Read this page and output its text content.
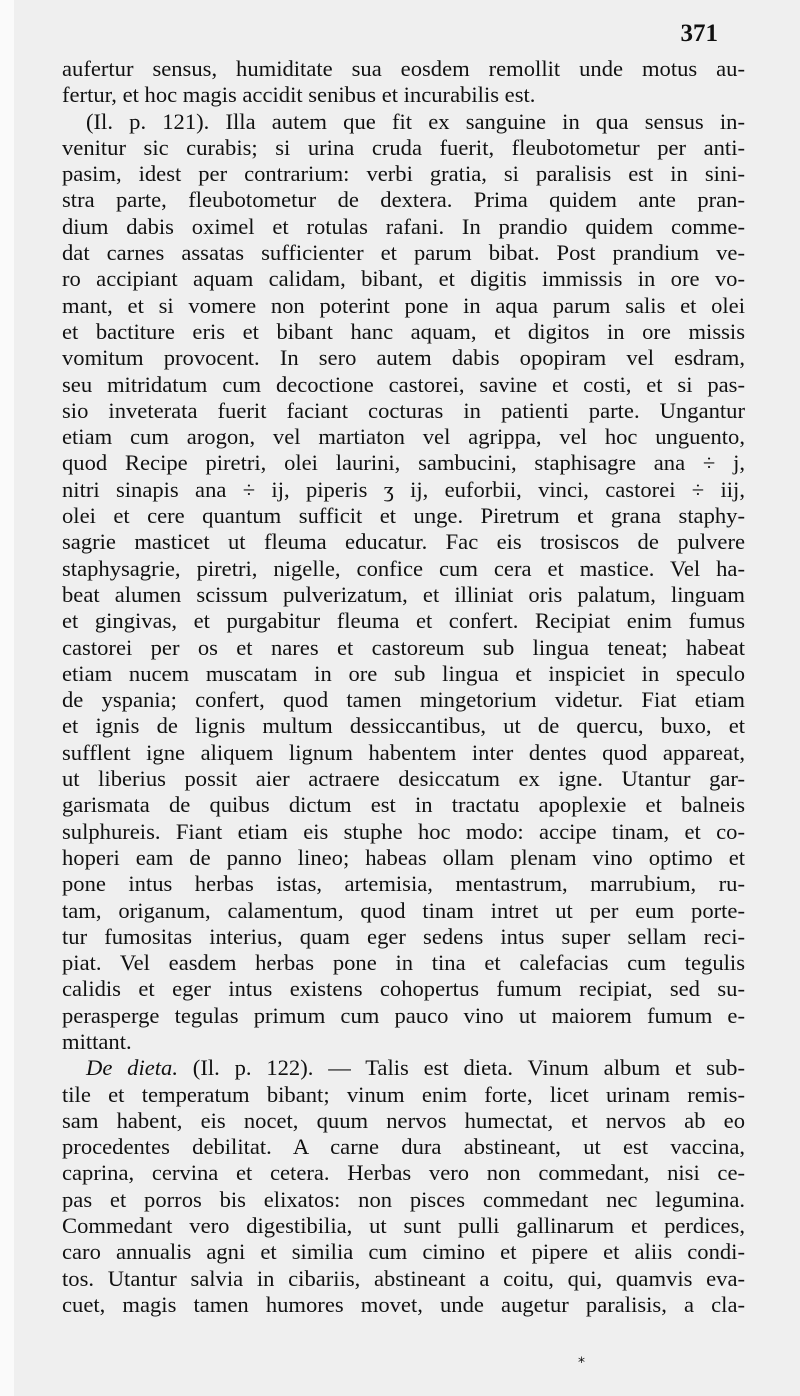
371
aufertur sensus, humiditate sua eosdem remollit unde motus au-
fertur, et hoc magis accidit senibus et incurabilis est.
(Il. p. 121). Illa autem que fit ex sanguine in qua sensus in-
venitur sic curabis; si urina cruda fuerit, fleubotometur per anti-
pasim, idest per contrarium: verbi gratia, si paralisis est in sini-
stra parte, fleubotometur de dextera. Prima quidem ante pran-
dium dabis oximel et rotulas rafani. In prandio quidem comme-
dat carnes assatas sufficienter et parum bibat. Post prandium ve-
ro accipiant aquam calidam, bibant, et digitis immissis in ore vo-
mant, et si vomere non poterint pone in aqua parum salis et olei
et bactiture eris et bibant hanc aquam, et digitos in ore missis
vomitum provocent. In sero autem dabis opopiram vel esdram,
seu mitridatum cum decoctione castorei, savine et costi, et si pas-
sio inveterata fuerit faciant cocturas in patienti parte. Ungantur
etiam cum arogon, vel martiaton vel agrippa, vel hoc unguento,
quod Recipe piretri, olei laurini, sambucini, staphisagre ana ÷ j,
nitri sinapis ana ÷ ij, piperis ʒ ij, euforbii, vinci, castorei ÷ iij,
olei et cere quantum sufficit et unge. Piretrum et grana staphy-
sagrie masticet ut fleuma educatur. Fac eis trosiscos de pulvere
staphysagrie, piretri, nigelle, confice cum cera et mastice. Vel ha-
beat alumen scissum pulverizatum, et illiniat oris palatum, linguam
et gingivas, et purgabitur fleuma et confert. Recipiat enim fumus
castorei per os et nares et castoreum sub lingua teneat; habeat
etiam nucem muscatam in ore sub lingua et inspiciet in speculo
de yspania; confert, quod tamen mingetorium videtur. Fiat etiam
et ignis de lignis multum dessiccantibus, ut de quercu, buxo, et
sufflent igne aliquem lignum habentem inter dentes quod appareat,
ut liberius possit aier actraere desiccatum ex igne. Utantur gar-
garismata de quibus dictum est in tractatu apoplexie et balneis
sulphureis. Fiant etiam eis stuphe hoc modo: accipe tinam, et co-
hoperi eam de panno lineo; habeas ollam plenam vino optimo et
pone intus herbas istas, artemisia, mentastrum, marrubium, ru-
tam, origanum, calamentum, quod tinam intret ut per eum porte-
tur fumositas interius, quam eger sedens intus super sellam reci-
piat. Vel easdem herbas pone in tina et calefacias cum tegulis
calidis et eger intus existens cohopertus fumum recipiat, sed su-
perasperge tegulas primum cum pauco vino ut maiorem fumum e-
mittant.
De dieta. (Il. p. 122). — Talis est dieta. Vinum album et sub-
tile et temperatum bibant; vinum enim forte, licet urinam remis-
sam habent, eis nocet, quum nervos humectat, et nervos ab eo
procedentes debilitat. A carne dura abstineant, ut est vaccina,
caprina, cervina et cetera. Herbas vero non commedant, nisi ce-
pas et porros bis elixatos: non pisces commedant nec legumina.
Commedant vero digestibilia, ut sunt pulli gallinarum et perdices,
caro annualis agni et similia cum cimino et pipere et aliis condi-
tos. Utantur salvia in cibariis, abstineant a coitu, qui, quamvis eva-
cuet, magis tamen humores movet, unde augetur paralisis, a cla-
*
